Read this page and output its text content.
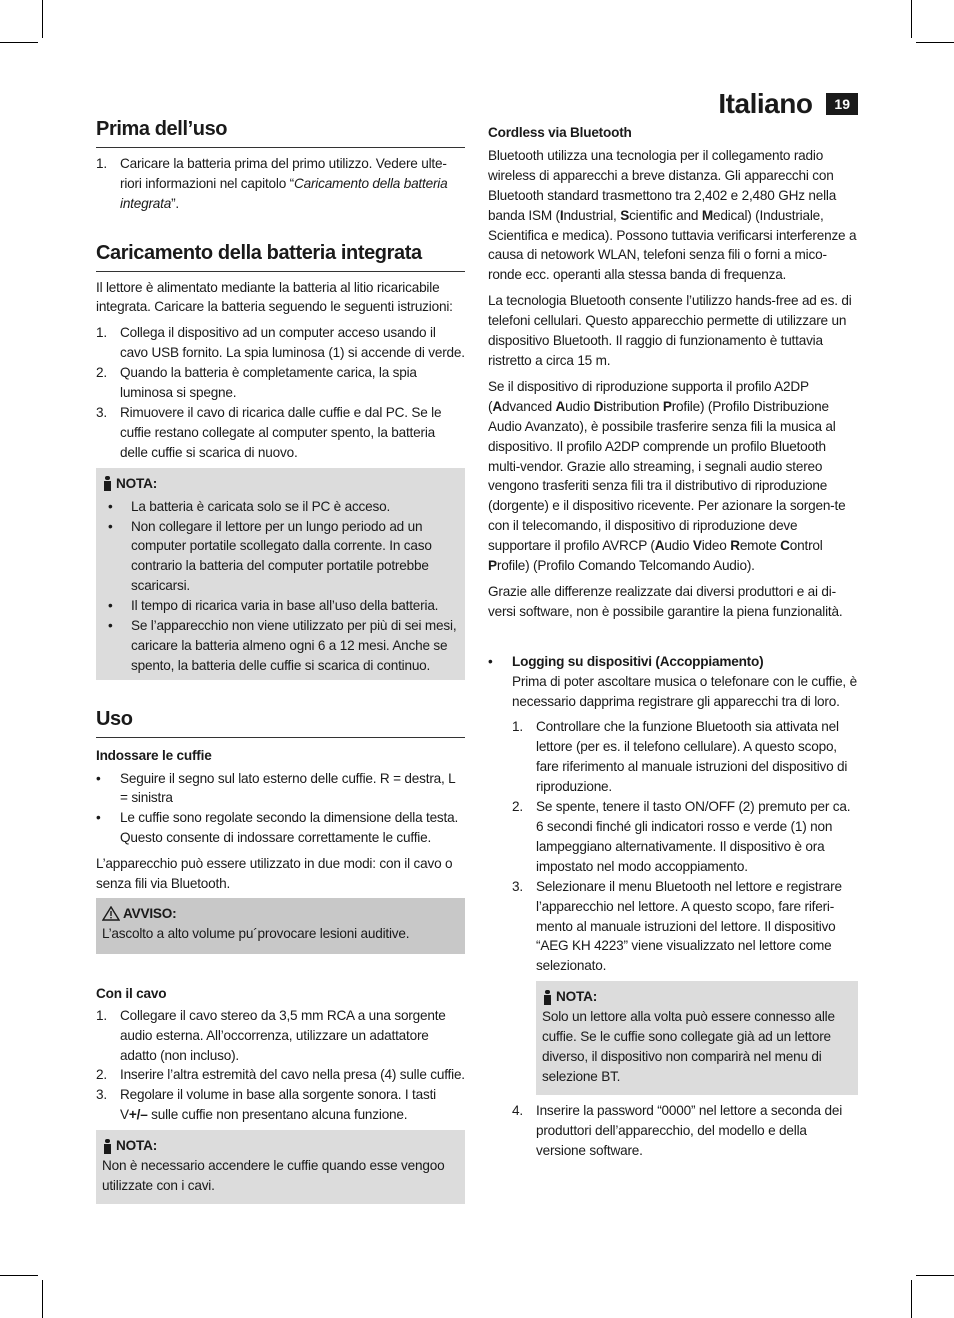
Italiano	19
Prima dell’uso
1. Caricare la batteria prima del primo utilizzo. Vedere ulte-riori informazioni nel capitolo “Caricamento della batteria integrata”.
Caricamento della batteria integrata

Il lettore è alimentato mediante la batteria al litio ricaricabile integrata. Caricare la batteria seguendo le seguenti istruzioni:

1. Collega il dispositivo ad un computer acceso usando il cavo USB fornito. La spia luminosa (1) si accende di verde.
2. Quando la batteria è completamente carica, la spia luminosa si spegne.
3. Rimuovere il cavo di ricarica dalle cuffie e dal PC. Se le cuffie restano collegate al computer spento, la batteria delle cuffie si scarica di nuovo.
NOTA:
•	La batteria è caricata solo se il PC è acceso.
•	Non collegare il lettore per un lungo periodo ad un computer portatile scollegato dalla corrente. In caso contrario la batteria del computer portatile potrebbe scaricarsi.
•	Il tempo di ricarica varia in base all’uso della batteria.
•	Se l’apparecchio non viene utilizzato per più di sei mesi, caricare la batteria almeno ogni 6 a 12 mesi. Anche se spento, la batteria delle cuffie si scarica di continuo.
Uso
Indossare le cuffie
•	Seguire il segno sul lato esterno delle cuffie. R = destra, L = sinistra
•	Le cuffie sono regolate secondo la dimensione della testa. Questo consente di indossare correttamente le cuffie.

L’apparecchio può essere utilizzato in due modi: con il cavo o senza fili via Bluetooth.

AVVISO:

L’ascolto a alto volume pu´provocare lesioni auditive.

Con il cavo
1. Collegare il cavo stereo da 3,5 mm RCA a una sorgente audio esterna. All’occorrenza, utilizzare un adattatore adatto (non incluso).
2. Inserire l’altra estremità del cavo nella presa (4) sulle cuffie.
3. Regolare il volume in base alla sorgente sonora. I tasti V+/– sulle cuffie non presentano alcuna funzione.
NOTA:

Non è necessario accendere le cuffie quando esse vengoo utilizzate con i cavi.

Cordless via Bluetooth

Bluetooth utilizza una tecnologia per il collegamento radio wireless di apparecchi a breve distanza. Gli apparecchi con Bluetooth standard trasmettono tra 2,402 e 2,480 GHz nella banda ISM (Industrial, Scientific and Medical) (Industriale, Scientifica e medica). Possono tuttavia verificarsi interferenze a causa di netowork WLAN, telefoni senza fili o forni a mico-ronde ecc. operanti alla stessa banda di frequenza.

La tecnologia Bluetooth consente l’utilizzo hands-free ad es. di telefoni cellulari. Questo apparecchio permette di utilizzare un dispositivo Bluetooth. Il raggio di funzionamento è tuttavia ristretto a circa 15 m.

Se il dispositivo di riproduzione supporta il profilo A2DP (Advanced Audio Distribution Profile) (Profilo Distribuzione Audio Avanzato), è possibile trasferire senza fili la musica al dispositivo. Il profilo A2DP comprende un profilo Bluetooth multi-vendor. Grazie allo streaming, i segnali audio stereo vengono trasferiti senza fili tra il distributivo di riproduzione (dorgente) e il dispositivo ricevente. Per azionare la sorgen-te con il telecomando, il dispositivo di riproduzione deve supportare il profilo AVRCP (Audio Video Remote Control Profile) (Profilo Comando Telcomando Audio).

Grazie alle differenze realizzate dai diversi produttori e ai di-versi software, non è possibile garantire la piena funzionalità.

•	Logging su dispositivi (Accoppiamento)

Prima di poter ascoltare musica o telefonare con le cuffie, è necessario dapprima registrare gli apparecchi tra di loro.

1. Controllare che la funzione Bluetooth sia attivata nel lettore (per es. il telefono cellulare). A questo scopo, fare riferimento al manuale istruzioni del dispositivo di riproduzione.
2. Se spente, tenere il tasto ON/OFF (2) premuto per ca. 6 secondi finché gli indicatori rosso e verde (1) non lampeggiano alternativamente. Il dispositivo è ora impostato nel modo accoppiamento.
3. Selezionare il menu Bluetooth nel lettore e registrare l’apparecchio nel lettore. A questo scopo, fare riferi-mento al manuale istruzioni del lettore. Il dispositivo “AEG KH 4223” viene visualizzato nel lettore come selezionato.
NOTA:

Solo un lettore alla volta può essere connesso alle cuffie. Se le cuffie sono collegate già ad un lettore diverso, il dispositivo non comparirà nel menu di selezione BT.

4. Inserire la password “0000” nel lettore a seconda dei produttori dell’apparecchio, del modello e della versione software.
